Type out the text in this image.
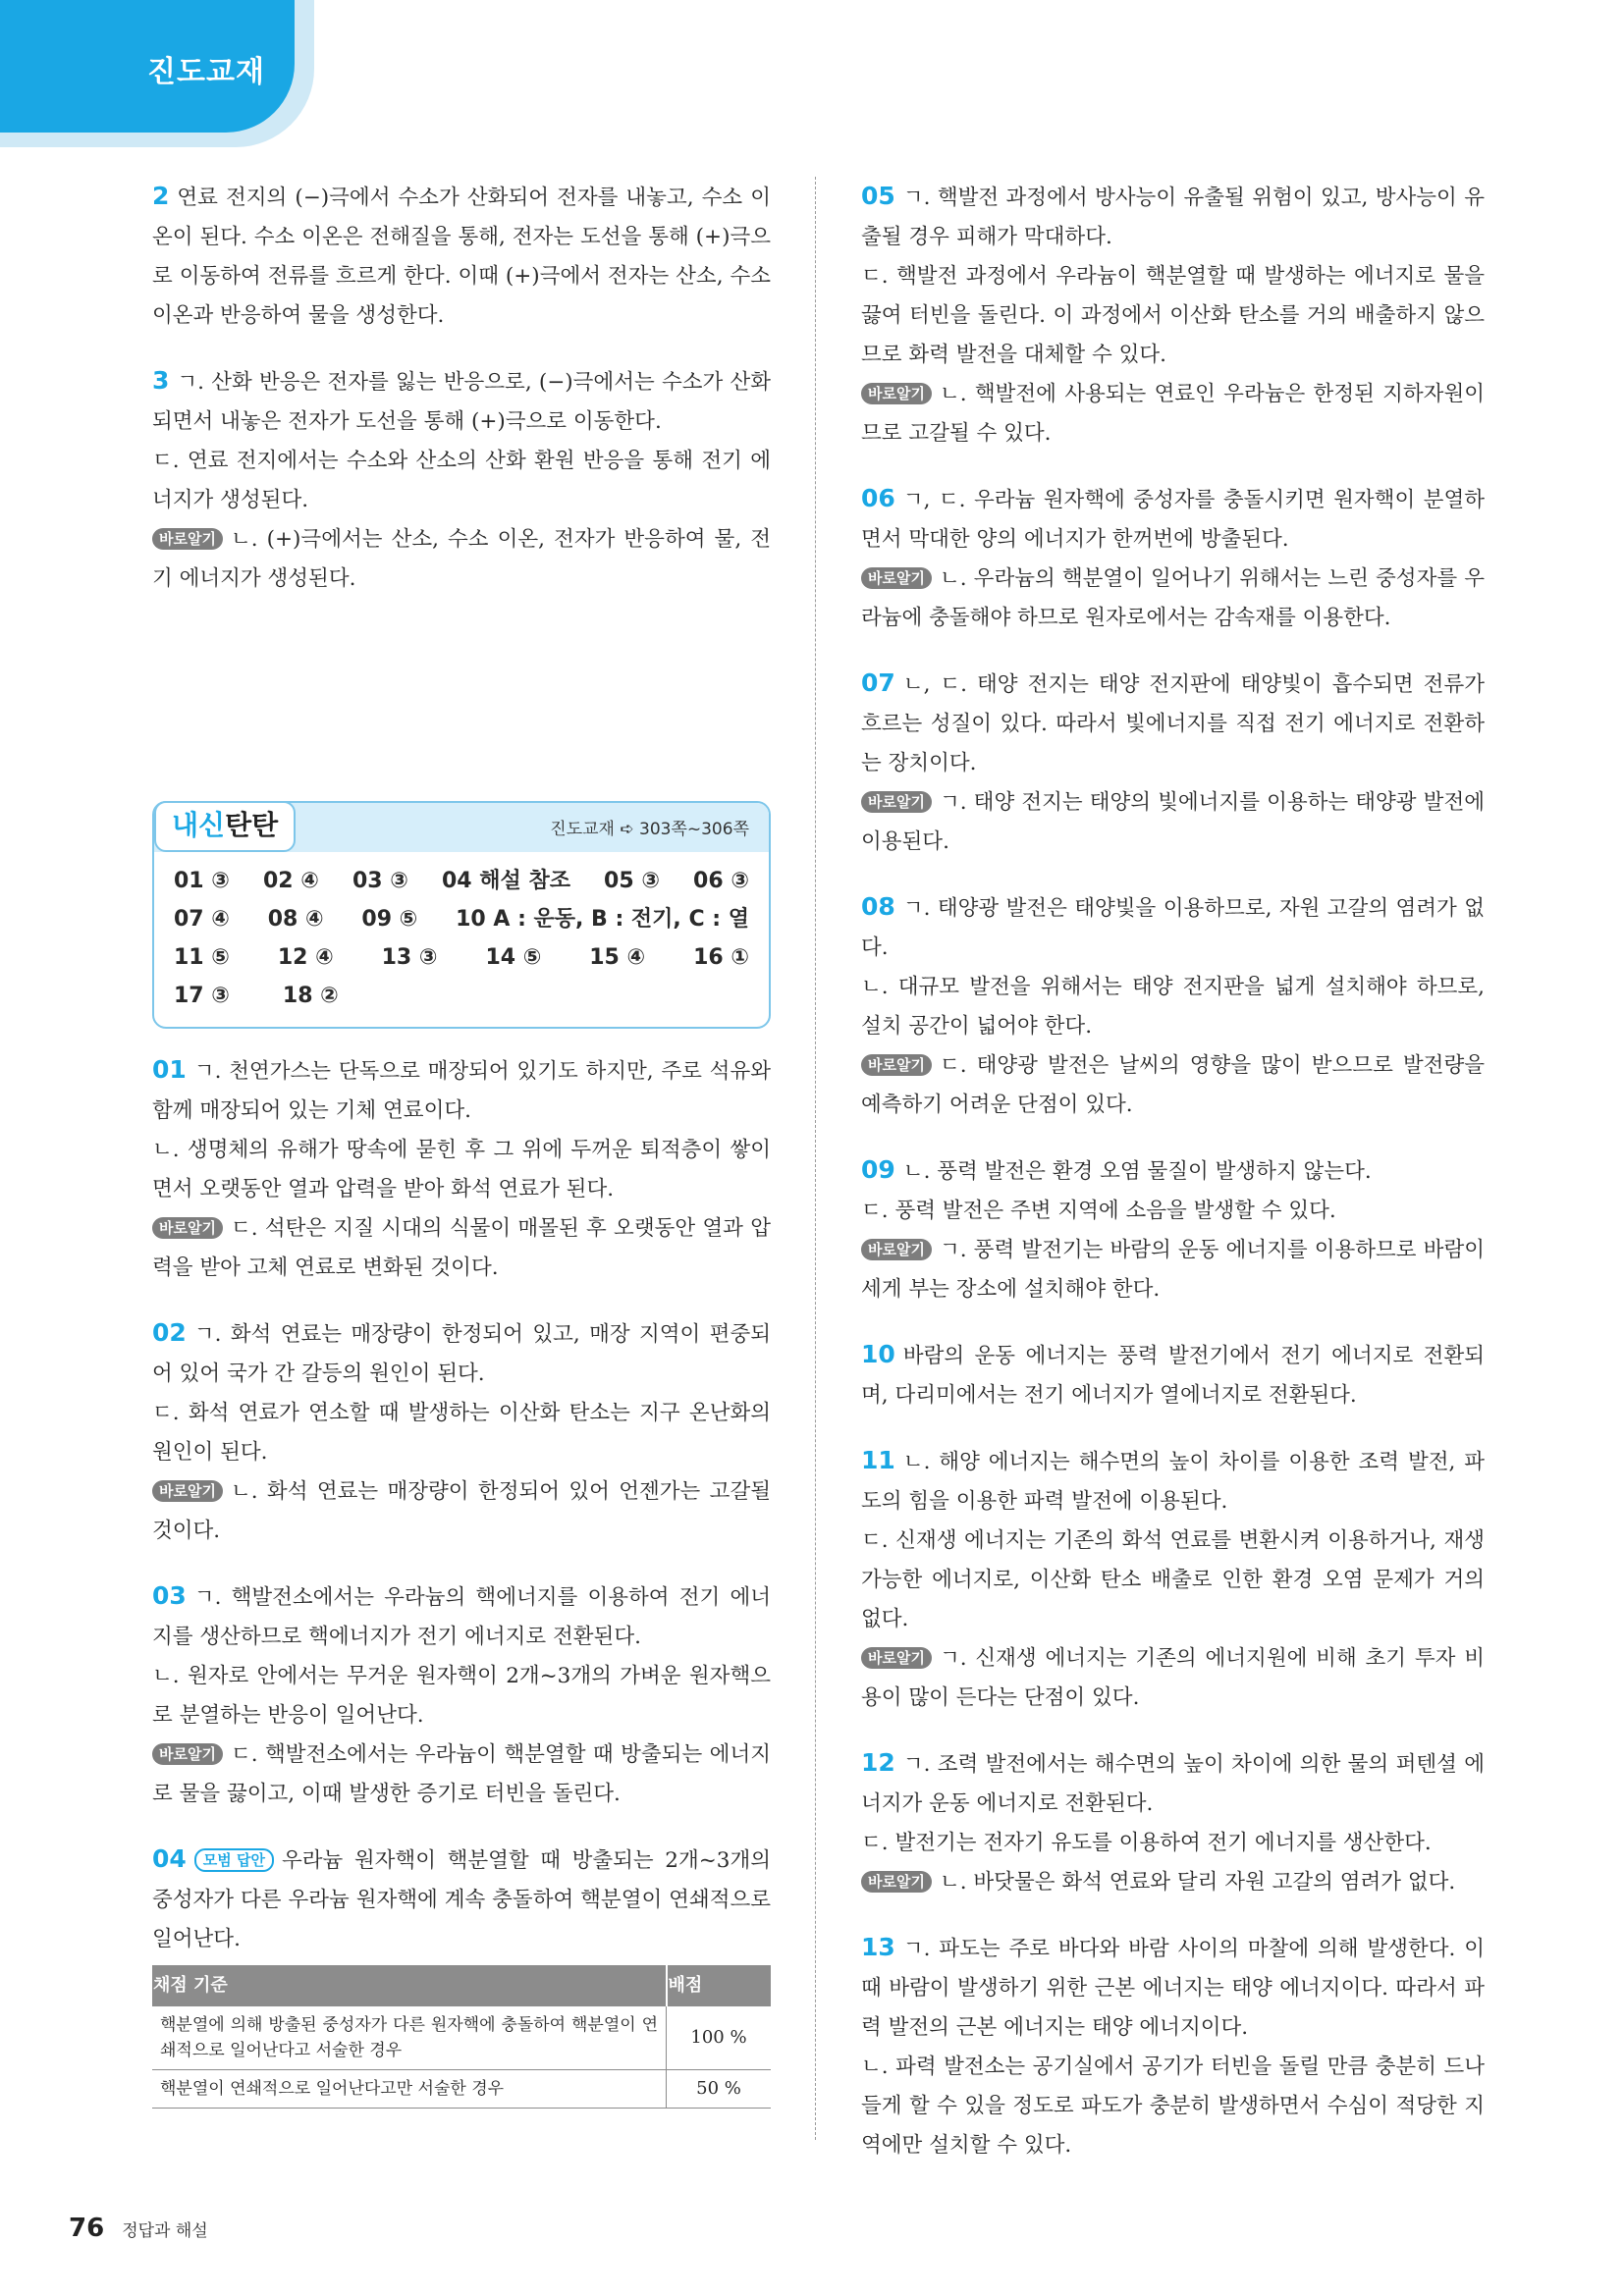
진도교재

2 연료 전지의 (−)극에서 수소가 산화되어 전자를 내놓고, 수소 이온이 된다. 수소 이온은 전해질을 통해, 전자는 도선을 통해 (+)극으로 이동하여 전류를 흐르게 한다. 이때 (+)극에서 전자는 산소, 수소 이온과 반응하여 물을 생성한다.

3 ㄱ. 산화 반응은 전자를 잃는 반응으로, (−)극에서는 수소가 산화되면서 내놓은 전자가 도선을 통해 (+)극으로 이동한다.

ㄷ. 연료 전지에서는 수소와 산소의 산화 환원 반응을 통해 전기 에너지가 생성된다.

바로알기 ㄴ. (+)극에서는 산소, 수소 이온, 전자가 반응하여 물, 전기 에너지가 생성된다.

내신탄탄	진도교재 ➪ 303쪽~306쪽
01 ③ 02 ④ 03 ③ 04 해설 참조 05 ③ 06 ③
07 ④ 08 ④ 09 ⑤ 10 A : 운동, B : 전기, C : 열
11 ⑤ 12 ④ 13 ③ 14 ⑤ 15 ④ 16 ①
17 ③ 18 ②

01 ㄱ. 천연가스는 단독으로 매장되어 있기도 하지만, 주로 석유와 함께 매장되어 있는 기체 연료이다.

ㄴ. 생명체의 유해가 땅속에 묻힌 후 그 위에 두꺼운 퇴적층이 쌓이면서 오랫동안 열과 압력을 받아 화석 연료가 된다.

바로알기 ㄷ. 석탄은 지질 시대의 식물이 매몰된 후 오랫동안 열과 압력을 받아 고체 연료로 변화된 것이다.

02 ㄱ. 화석 연료는 매장량이 한정되어 있고, 매장 지역이 편중되어 있어 국가 간 갈등의 원인이 된다.

ㄷ. 화석 연료가 연소할 때 발생하는 이산화 탄소는 지구 온난화의 원인이 된다.

바로알기 ㄴ. 화석 연료는 매장량이 한정되어 있어 언젠가는 고갈될 것이다.

03 ㄱ. 핵발전소에서는 우라늄의 핵에너지를 이용하여 전기 에너지를 생산하므로 핵에너지가 전기 에너지로 전환된다.

ㄴ. 원자로 안에서는 무거운 원자핵이 2개~3개의 가벼운 원자핵으로 분열하는 반응이 일어난다.

바로알기 ㄷ. 핵발전소에서는 우라늄이 핵분열할 때 방출되는 에너지로 물을 끓이고, 이때 발생한 증기로 터빈을 돌린다.

04 모범 답안 우라늄 원자핵이 핵분열할 때 방출되는 2개~3개의 중성자가 다른 우라늄 원자핵에 계속 충돌하여 핵분열이 연쇄적으로 일어난다.

채점 기준	배점
핵분열에 의해 방출된 중성자가 다른 원자핵에 충돌하여 핵분열이 연쇄적으로 일어난다고 서술한 경우	100 %
핵분열이 연쇄적으로 일어난다고만 서술한 경우	50 %

05 ㄱ. 핵발전 과정에서 방사능이 유출될 위험이 있고, 방사능이 유출될 경우 피해가 막대하다.

ㄷ. 핵발전 과정에서 우라늄이 핵분열할 때 발생하는 에너지로 물을 끓여 터빈을 돌린다. 이 과정에서 이산화 탄소를 거의 배출하지 않으므로 화력 발전을 대체할 수 있다.

바로알기 ㄴ. 핵발전에 사용되는 연료인 우라늄은 한정된 지하자원이므로 고갈될 수 있다.

06 ㄱ, ㄷ. 우라늄 원자핵에 중성자를 충돌시키면 원자핵이 분열하면서 막대한 양의 에너지가 한꺼번에 방출된다.

바로알기 ㄴ. 우라늄의 핵분열이 일어나기 위해서는 느린 중성자를 우라늄에 충돌해야 하므로 원자로에서는 감속재를 이용한다.

07 ㄴ, ㄷ. 태양 전지는 태양 전지판에 태양빛이 흡수되면 전류가 흐르는 성질이 있다. 따라서 빛에너지를 직접 전기 에너지로 전환하는 장치이다.

바로알기 ㄱ. 태양 전지는 태양의 빛에너지를 이용하는 태양광 발전에 이용된다.

08 ㄱ. 태양광 발전은 태양빛을 이용하므로, 자원 고갈의 염려가 없다.

ㄴ. 대규모 발전을 위해서는 태양 전지판을 넓게 설치해야 하므로, 설치 공간이 넓어야 한다.

바로알기 ㄷ. 태양광 발전은 날씨의 영향을 많이 받으므로 발전량을 예측하기 어려운 단점이 있다.

09 ㄴ. 풍력 발전은 환경 오염 물질이 발생하지 않는다.

ㄷ. 풍력 발전은 주변 지역에 소음을 발생할 수 있다.

바로알기 ㄱ. 풍력 발전기는 바람의 운동 에너지를 이용하므로 바람이 세게 부는 장소에 설치해야 한다.

10 바람의 운동 에너지는 풍력 발전기에서 전기 에너지로 전환되며, 다리미에서는 전기 에너지가 열에너지로 전환된다.

11 ㄴ. 해양 에너지는 해수면의 높이 차이를 이용한 조력 발전, 파도의 힘을 이용한 파력 발전에 이용된다.

ㄷ. 신재생 에너지는 기존의 화석 연료를 변환시켜 이용하거나, 재생 가능한 에너지로, 이산화 탄소 배출로 인한 환경 오염 문제가 거의 없다.

바로알기 ㄱ. 신재생 에너지는 기존의 에너지원에 비해 초기 투자 비용이 많이 든다는 단점이 있다.

12 ㄱ. 조력 발전에서는 해수면의 높이 차이에 의한 물의 퍼텐셜 에너지가 운동 에너지로 전환된다.

ㄷ. 발전기는 전자기 유도를 이용하여 전기 에너지를 생산한다.

바로알기 ㄴ. 바닷물은 화석 연료와 달리 자원 고갈의 염려가 없다.

13 ㄱ. 파도는 주로 바다와 바람 사이의 마찰에 의해 발생한다. 이때 바람이 발생하기 위한 근본 에너지는 태양 에너지이다. 따라서 파력 발전의 근본 에너지는 태양 에너지이다.

ㄴ. 파력 발전소는 공기실에서 공기가 터빈을 돌릴 만큼 충분히 드나들게 할 수 있을 정도로 파도가 충분히 발생하면서 수심이 적당한 지역에만 설치할 수 있다.

76 정답과 해설
